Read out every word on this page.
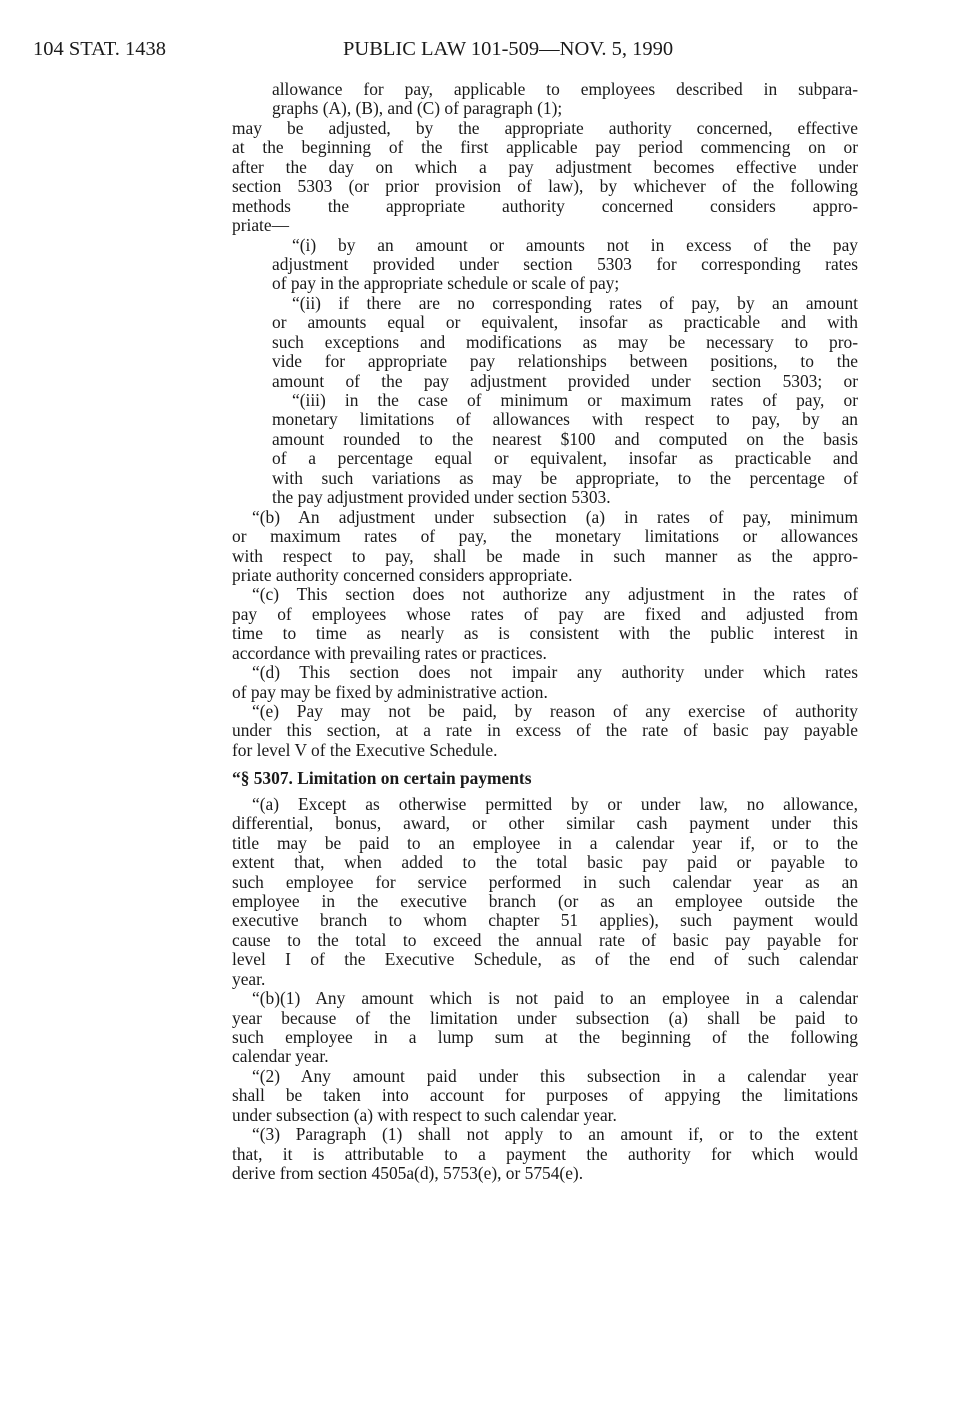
104 STAT. 1438	PUBLIC LAW 101-509—NOV. 5, 1990
allowance for pay, applicable to employees described in subpara-
graphs (A), (B), and (C) of paragraph (1);
may be adjusted, by the appropriate authority concerned, effective
at the beginning of the first applicable pay period commencing on or
after the day on which a pay adjustment becomes effective under
section 5303 (or prior provision of law), by whichever of the following
methods the appropriate authority concerned considers appro-
priate—
“(i) by an amount or amounts not in excess of the pay
adjustment provided under section 5303 for corresponding rates
of pay in the appropriate schedule or scale of pay;
“(ii) if there are no corresponding rates of pay, by an amount
or amounts equal or equivalent, insofar as practicable and with
such exceptions and modifications as may be necessary to pro-
vide for appropriate pay relationships between positions, to the
amount of the pay adjustment provided under section 5303; or
“(iii) in the case of minimum or maximum rates of pay, or
monetary limitations of allowances with respect to pay, by an
amount rounded to the nearest $100 and computed on the basis
of a percentage equal or equivalent, insofar as practicable and
with such variations as may be appropriate, to the percentage of
the pay adjustment provided under section 5303.
“(b) An adjustment under subsection (a) in rates of pay, minimum
or maximum rates of pay, the monetary limitations or allowances
with respect to pay, shall be made in such manner as the appro-
priate authority concerned considers appropriate.
“(c) This section does not authorize any adjustment in the rates of
pay of employees whose rates of pay are fixed and adjusted from
time to time as nearly as is consistent with the public interest in
accordance with prevailing rates or practices.
“(d) This section does not impair any authority under which rates
of pay may be fixed by administrative action.
“(e) Pay may not be paid, by reason of any exercise of authority
under this section, at a rate in excess of the rate of basic pay payable
for level V of the Executive Schedule.
“§ 5307. Limitation on certain payments
“(a) Except as otherwise permitted by or under law, no allowance,
differential, bonus, award, or other similar cash payment under this
title may be paid to an employee in a calendar year if, or to the
extent that, when added to the total basic pay paid or payable to
such employee for service performed in such calendar year as an
employee in the executive branch (or as an employee outside the
executive branch to whom chapter 51 applies), such payment would
cause to the total to exceed the annual rate of basic pay payable for
level I of the Executive Schedule, as of the end of such calendar
year.
“(b)(1) Any amount which is not paid to an employee in a calendar
year because of the limitation under subsection (a) shall be paid to
such employee in a lump sum at the beginning of the following
calendar year.
“(2) Any amount paid under this subsection in a calendar year
shall be taken into account for purposes of appying the limitations
under subsection (a) with respect to such calendar year.
“(3) Paragraph (1) shall not apply to an amount if, or to the extent
that, it is attributable to a payment the authority for which would
derive from section 4505a(d), 5753(e), or 5754(e).
